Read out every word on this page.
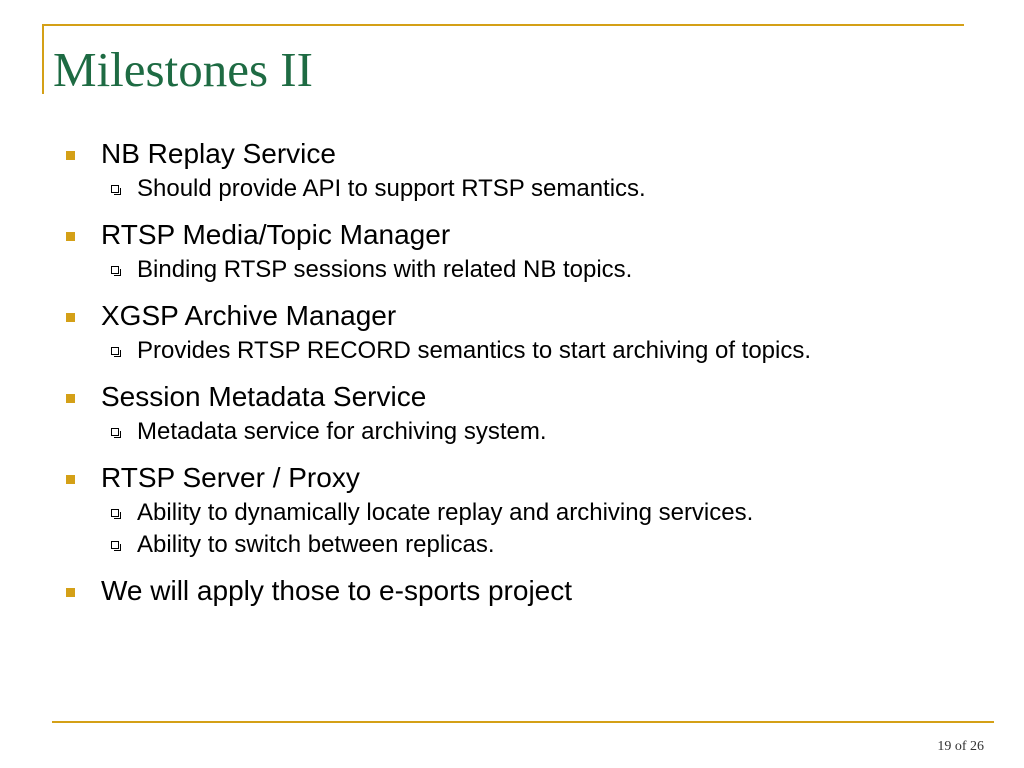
Milestones II
NB Replay Service
Should provide API to support RTSP semantics.
RTSP Media/Topic Manager
Binding RTSP sessions with related NB topics.
XGSP Archive Manager
Provides RTSP RECORD semantics to start archiving of topics.
Session Metadata Service
Metadata service for archiving system.
RTSP Server / Proxy
Ability to dynamically locate replay and archiving services.
Ability to switch between replicas.
We will apply those to e-sports project
19 of 26
